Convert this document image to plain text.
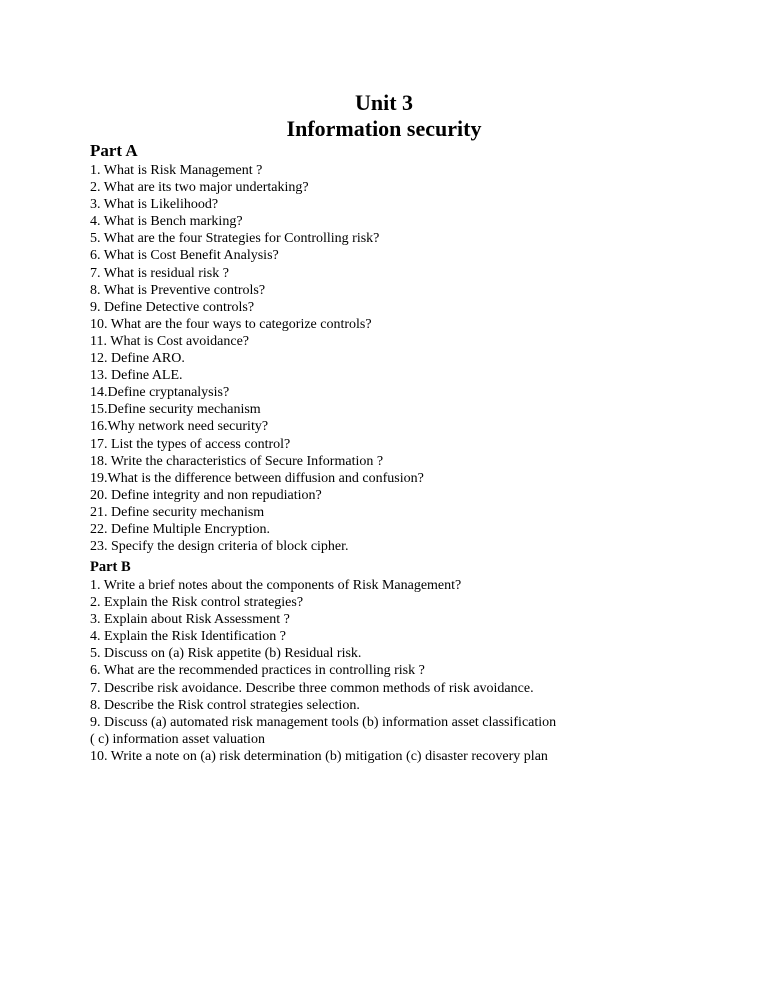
Unit 3
Information security
Part A
1. What is Risk Management ?
2. What are its two major undertaking?
3. What is Likelihood?
4. What is Bench marking?
5. What are the four Strategies for Controlling risk?
6. What is Cost Benefit Analysis?
7. What is residual risk ?
8. What is Preventive controls?
9. Define Detective controls?
10. What are the four ways to categorize controls?
11. What is Cost avoidance?
12. Define ARO.
13. Define ALE.
14.Define cryptanalysis?
15.Define security mechanism
16.Why network need security?
17. List the types of access control?
18. Write the characteristics of Secure Information ?
19.What is the difference between diffusion and confusion?
20. Define integrity and non repudiation?
21. Define security mechanism
22. Define Multiple Encryption.
23. Specify the design criteria of block cipher.
Part B
1. Write a brief notes about the components of Risk Management?
2. Explain the Risk control strategies?
3. Explain about Risk Assessment ?
4. Explain the Risk Identification ?
5. Discuss on (a) Risk appetite (b) Residual risk.
6. What are the recommended practices in controlling risk ?
7. Describe risk avoidance. Describe three common methods of risk avoidance.
8. Describe the Risk control strategies selection.
9. Discuss (a) automated risk management tools (b) information asset classification
( c) information asset valuation
10. Write a note on (a) risk determination (b) mitigation (c) disaster recovery plan
